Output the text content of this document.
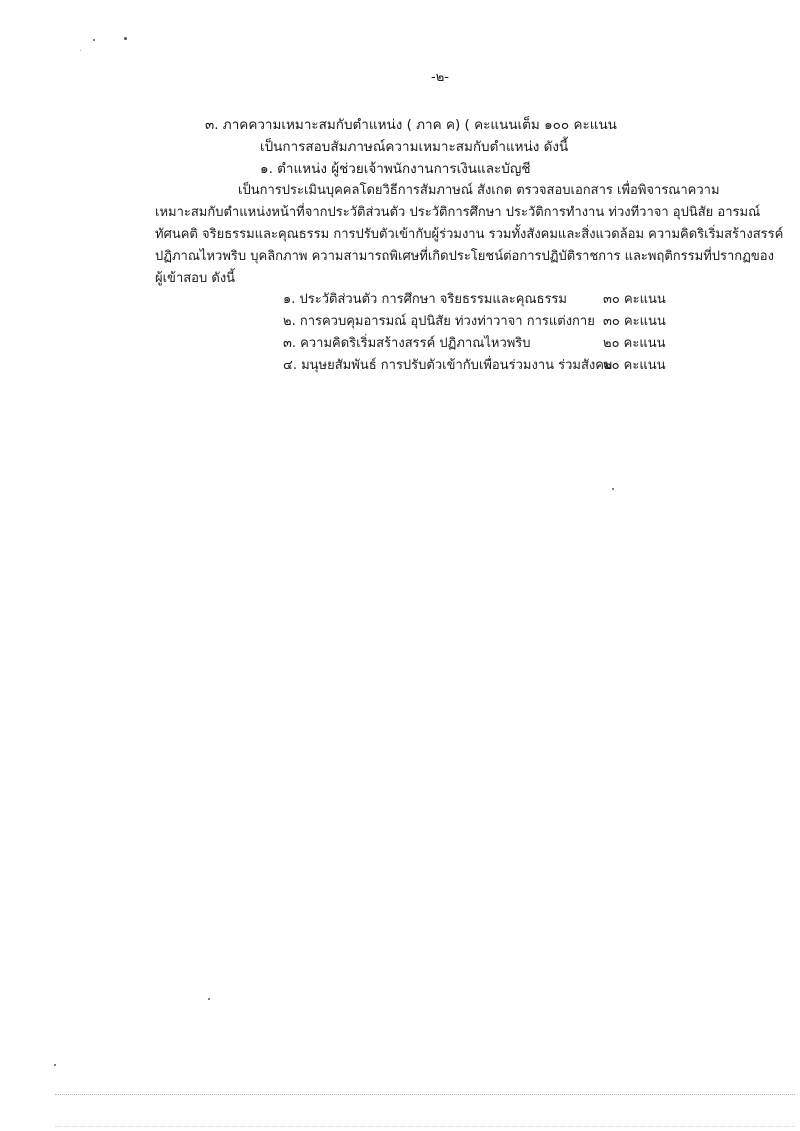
-๒-
๓. ภาคความเหมาะสมกับตำแหน่ง ( ภาค ค) ( คะแนนเต็ม ๑๐๐ คะแนน
เป็นการสอบสัมภาษณ์ความเหมาะสมกับตำแหน่ง ดังนี้
๑. ตำแหน่ง ผู้ช่วยเจ้าพนักงานการเงินและบัญชี
เป็นการประเมินบุคคลโดยวิธีการสัมภาษณ์ สังเกต ตรวจสอบเอกสาร เพื่อพิจารณาความ
เหมาะสมกับตำแหน่งหน้าที่จากประวัติส่วนตัว ประวัติการศึกษา ประวัติการทำงาน ท่วงทีวาจา อุปนิสัย อารมณ์
ทัศนคติ จริยธรรมและคุณธรรม การปรับตัวเข้ากับผู้ร่วมงาน รวมทั้งสังคมและสิ่งแวดล้อม ความคิดริเริ่มสร้างสรรค์
ปฏิภาณไหวพริบ บุคลิกภาพ ความสามารถพิเศษที่เกิดประโยชน์ต่อการปฏิบัติราชการ และพฤติกรรมที่ปรากฏของ
ผู้เข้าสอบ ดังนี้
๑. ประวัติส่วนตัว การศึกษา จริยธรรมและคุณธรรม	๓๐ คะแนน
๒. การควบคุมอารมณ์ อุปนิสัย ท่วงท่าวาจา การแต่งกาย ๓๐ คะแนน
๓. ความคิดริเริ่มสร้างสรรค์ ปฏิภาณไหวพริบ	๒๐ คะแนน
๔. มนุษยสัมพันธ์ การปรับตัวเข้ากับเพื่อนร่วมงาน ร่วมสังคม
๒๐ คะแนน
